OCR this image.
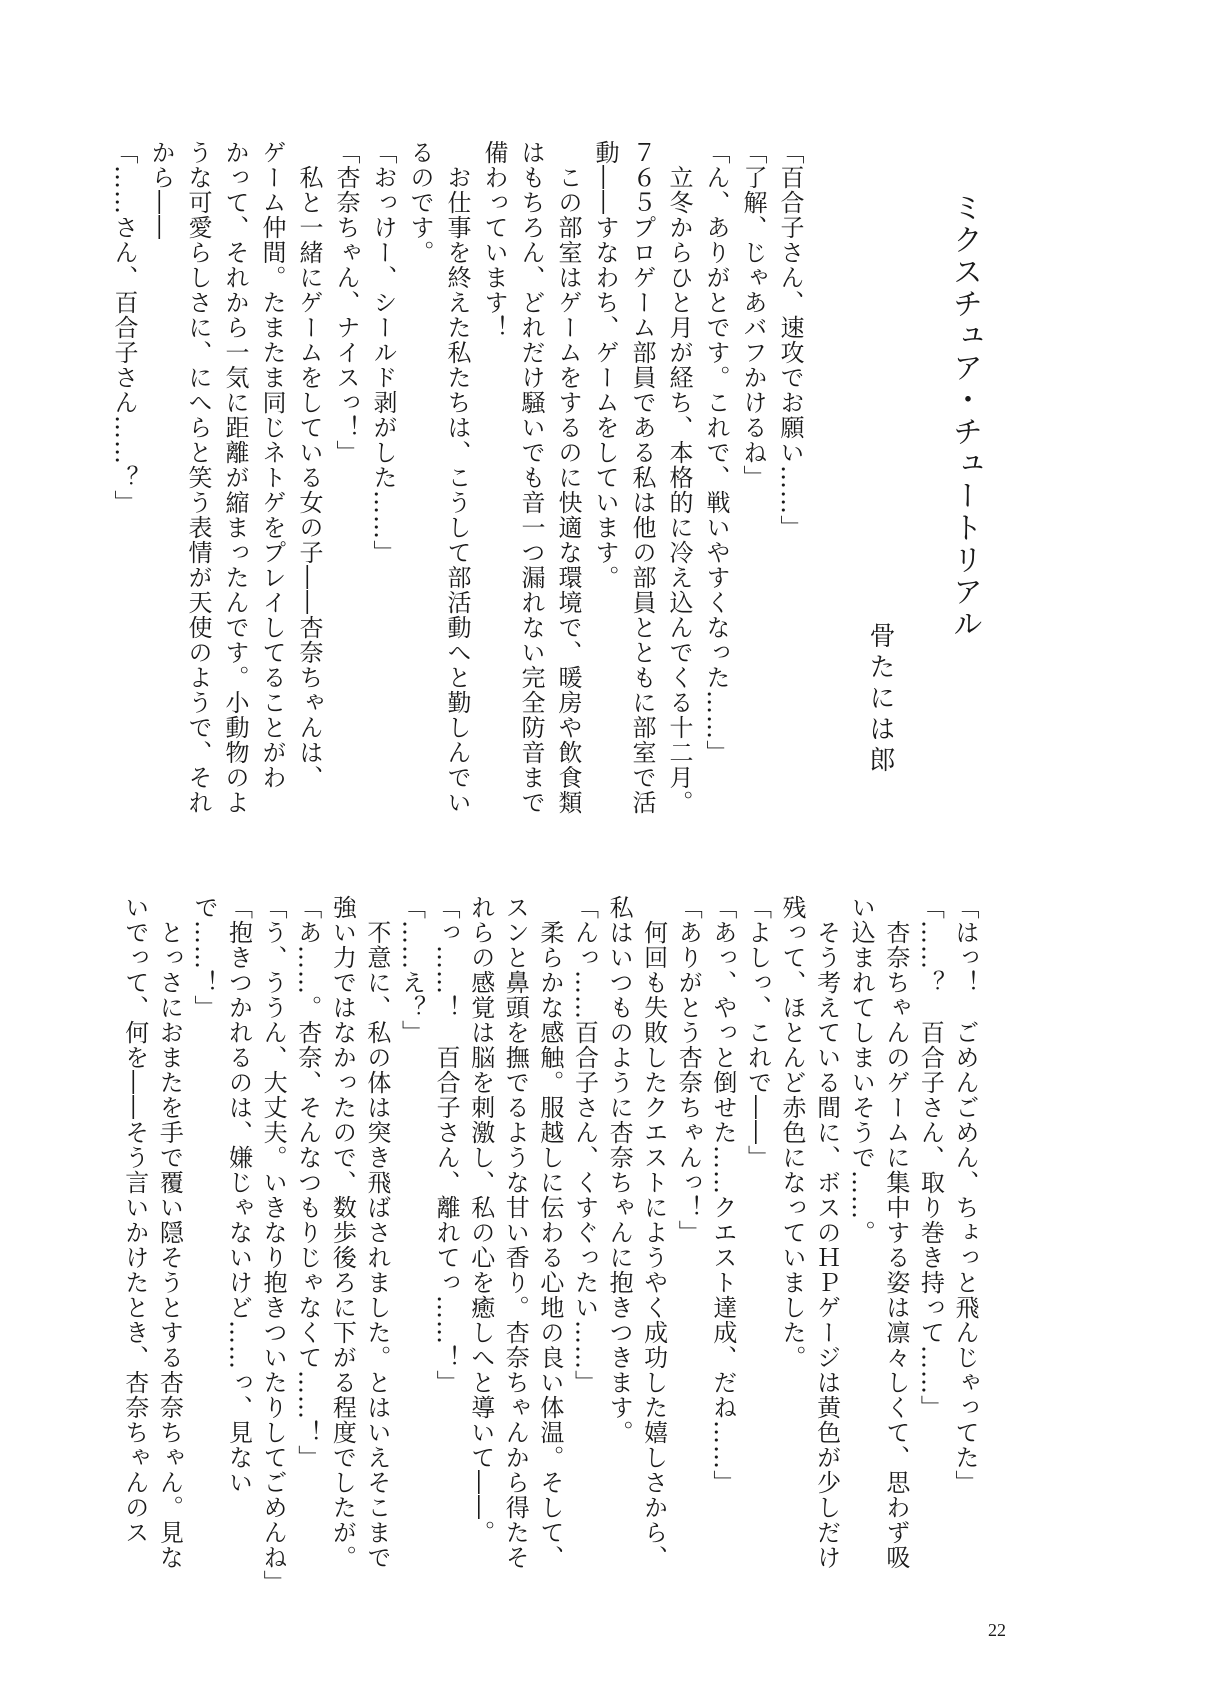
ミクスチュア・チュートリアル
骨たには郎
「百合子さん、速攻でお願い……」
「了解、じゃあバフかけるね」
「ん、ありがとです。これで、戦いやすくなった……」
　立冬からひと月が経ち、本格的に冷え込んでくる十二月。
７６５プロゲーム部員である私は他の部員とともに部室で活
動――すなわち、ゲームをしています。
　この部室はゲームをするのに快適な環境で、暖房や飲食類
はもちろん、どれだけ騒いでも音一つ漏れない完全防音まで
備わっています！
　お仕事を終えた私たちは、こうして部活動へと勤しんでい
るのです。
「おっけー、シールド剥がした……」
「杏奈ちゃん、ナイスっ！」
　私と一緒にゲームをしている女の子――杏奈ちゃんは、
ゲーム仲間。たまたま同じネトゲをプレイしてることがわ
かって、それから一気に距離が縮まったんです。小動物のよ
うな可愛らしさに、にへらと笑う表情が天使のようで、それ
から――
「……さん、百合子さん……？」
「はっ！　ごめんごめん、ちょっと飛んじゃってた」
「……？　百合子さん、取り巻き持って……」
　杏奈ちゃんのゲームに集中する姿は凛々しくて、思わず吸
い込まれてしまいそうで……。
　そう考えている間に、ボスのＨＰゲージは黄色が少しだけ
残って、ほとんど赤色になっていました。
「よしっ、これで――」
「あっ、やっと倒せた……クエスト達成、だね……」
「ありがとう杏奈ちゃんっ！」
　何回も失敗したクエストにようやく成功した嬉しさから、
私はいつものように杏奈ちゃんに抱きつきます。
「んっ……百合子さん、くすぐったい……」
　柔らかな感触。服越しに伝わる心地の良い体温。そして、
スンと鼻頭を撫でるような甘い香り。杏奈ちゃんから得たそ
れらの感覚は脳を刺激し、私の心を癒しへと導いて――。
「っ……！　百合子さん、離れてっ……！」
「……え？」
　不意に、私の体は突き飛ばされました。とはいえそこまで
強い力ではなかったので、数歩後ろに下がる程度でしたが。
「あ……。杏奈、そんなつもりじゃなくて……！」
「う、ううん、大丈夫。いきなり抱きついたりしてごめんね」
「抱きつかれるのは、嫌じゃないけど……っ、見ない
で……！」
　とっさにおまたを手で覆い隠そうとする杏奈ちゃん。見な
いでって、何を――そう言いかけたとき、杏奈ちゃんのス
22
